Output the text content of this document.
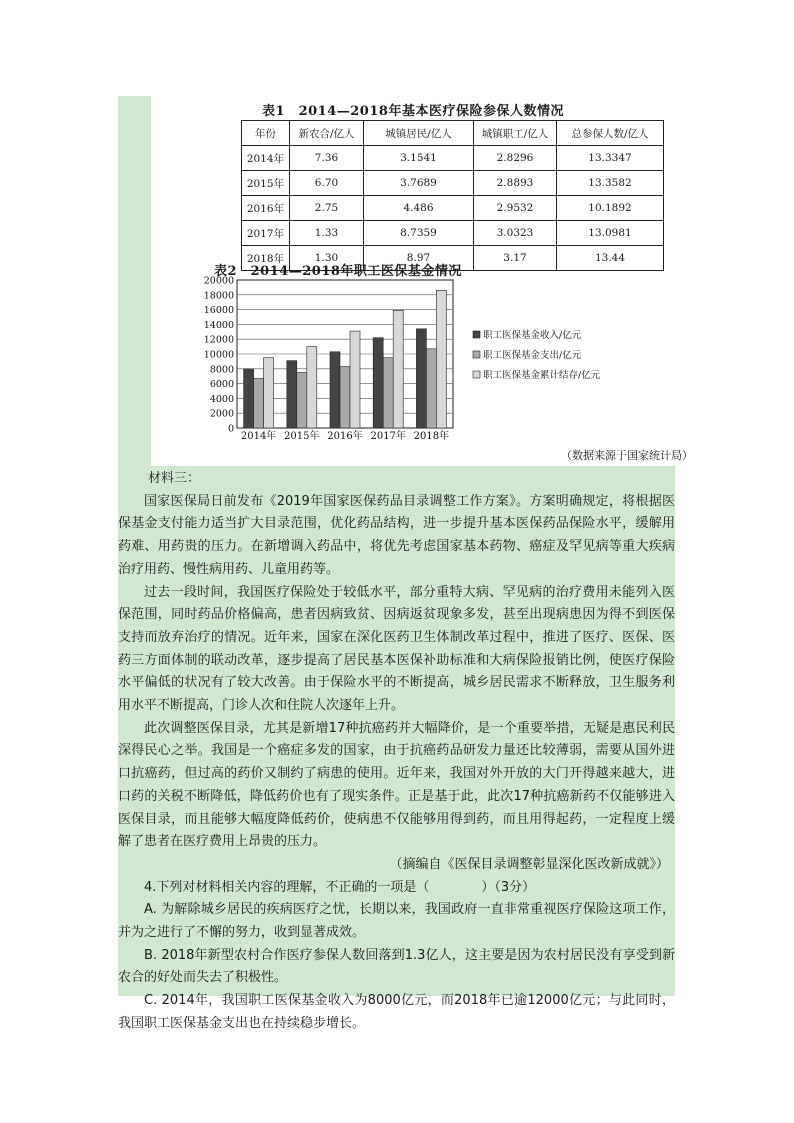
表1　2014—2018年基本医疗保险参保人数情况
年份	新农合/亿人	城镇居民/亿人	城镇职工/亿人	总参保人数/亿人
2014年	7.36	3.1541	2.8296	13.3347
2015年	6.70	3.7689	2.8893	13.3582
2016年	2.75	4.486	2.9532	10.1892
2017年	1.33	8.7359	3.0323	13.0981
2018年	1.30	8.97	3.17	13.44
表2　2014—2018年职工医保基金情况
0
2000
4000
6000
8000
10000
12000
14000
16000
18000
20000
2014年 2015年 2016年 2017年 2018年
职工医保基金收入/亿元
职工医保基金支出/亿元
职工医保基金累计结存/亿元
（数据来源于国家统计局）

材料三：

国家医保局日前发布《2019年国家医保药品目录调整工作方案》。方案明确规定，将根据医保基金支付能力适当扩大目录范围，优化药品结构，进一步提升基本医保药品保险水平，缓解用药难、用药贵的压力。在新增调入药品中，将优先考虑国家基本药物、癌症及罕见病等重大疾病治疗用药、慢性病用药、儿童用药等。

过去一段时间，我国医疗保险处于较低水平，部分重特大病、罕见病的治疗费用未能列入医保范围，同时药品价格偏高，患者因病致贫、因病返贫现象多发，甚至出现病患因为得不到医保支持而放弃治疗的情况。近年来，国家在深化医药卫生体制改革过程中，推进了医疗、医保、医药三方面体制的联动改革，逐步提高了居民基本医保补助标准和大病保险报销比例，使医疗保险水平偏低的状况有了较大改善。由于保险水平的不断提高，城乡居民需求不断释放，卫生服务利用水平不断提高，门诊人次和住院人次逐年上升。

此次调整医保目录，尤其是新增17种抗癌药并大幅降价，是一个重要举措，无疑是惠民利民深得民心之举。我国是一个癌症多发的国家，由于抗癌药品研发力量还比较薄弱，需要从国外进口抗癌药，但过高的药价又制约了病患的使用。近年来，我国对外开放的大门开得越来越大，进口药的关税不断降低，降低药价也有了现实条件。正是基于此，此次17种抗癌新药不仅能够进入医保目录，而且能够大幅度降低药价，使病患不仅能够用得到药，而且用得起药，一定程度上缓解了患者在医疗费用上昂贵的压力。

（摘编自《医保目录调整彰显深化医改新成就》）

4.下列对材料相关内容的理解，不正确的一项是（　　　　）（3分）

A. 为解除城乡居民的疾病医疗之忧，长期以来，我国政府一直非常重视医疗保险这项工作，并为之进行了不懈的努力，收到显著成效。

B. 2018年新型农村合作医疗参保人数回落到1.3亿人，这主要是因为农村居民没有享受到新农合的好处而失去了积极性。

C. 2014年，我国职工医保基金收入为8000亿元，而2018年已逾12000亿元；与此同时，我国职工医保基金支出也在持续稳步增长。
